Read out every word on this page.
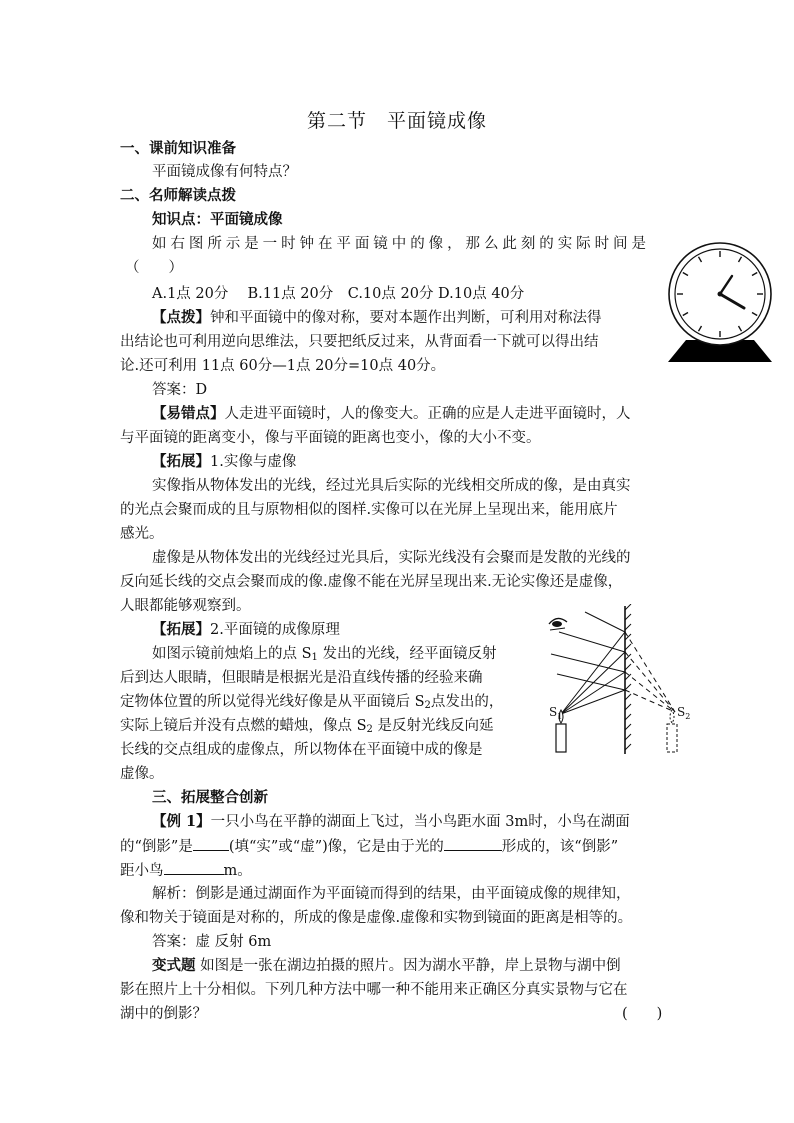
第二节　平面镜成像
一、课前知识准备
平面镜成像有何特点？
二、名师解读点拨
知识点：平面镜成像
如右图所示是一时钟在平面镜中的像，那么此刻的实际时间是
（　　）
A.1点 20分　 B.11点 20分　C.10点 20分 D.10点 40分
【点拨】钟和平面镜中的像对称，要对本题作出判断，可利用对称法得
出结论也可利用逆向思维法，只要把纸反过来，从背面看一下就可以得出结
论.还可利用 11点 60分—1点 20分=10点 40分。
答案：D
【易错点】人走进平面镜时，人的像变大。正确的应是人走进平面镜时，人
与平面镜的距离变小，像与平面镜的距离也变小，像的大小不变。
【拓展】1.实像与虚像
实像指从物体发出的光线，经过光具后实际的光线相交所成的像，是由真实
的光点会聚而成的且与原物相似的图样.实像可以在光屏上呈现出来，能用底片
感光。
虚像是从物体发出的光线经过光具后，实际光线没有会聚而是发散的光线的
反向延长线的交点会聚而成的像.虚像不能在光屏呈现出来.无论实像还是虚像，
人眼都能够观察到。
【拓展】2.平面镜的成像原理
如图示镜前烛焰上的点 $S_1$ 发出的光线，经平面镜反射
后到达人眼睛，但眼睛是根据光是沿直线传播的经验来确
定物体位置的所以觉得光线好像是从平面镜后 $S_2$点发出的，
实际上镜后并没有点燃的蜡烛，像点 $S_2$ 是反射光线反向延
长线的交点组成的虚像点，所以物体在平面镜中成的像是
虚像。
三、拓展整合创新
【例 1】一只小鸟在平静的湖面上飞过，当小鸟距水面 3m时，小鸟在湖面
的“倒影”是 (填“实”或“虚”)像，它是由于光的	形成的，该“倒影”
距小鸟	m。
解析：倒影是通过湖面作为平面镜而得到的结果，由平面镜成像的规律知，
像和物关于镜面是对称的，所成的像是虚像.虚像和实物到镜面的距离是相等的。
答案：虚 反射 6m
变式题 如图是一张在湖边拍摄的照片。因为湖水平静，岸上景物与湖中倒
影在照片上十分相似。下列几种方法中哪一种不能用来正确区分真实景物与它在
湖中的倒影？	(　　)
$S_1$	$S_2$
